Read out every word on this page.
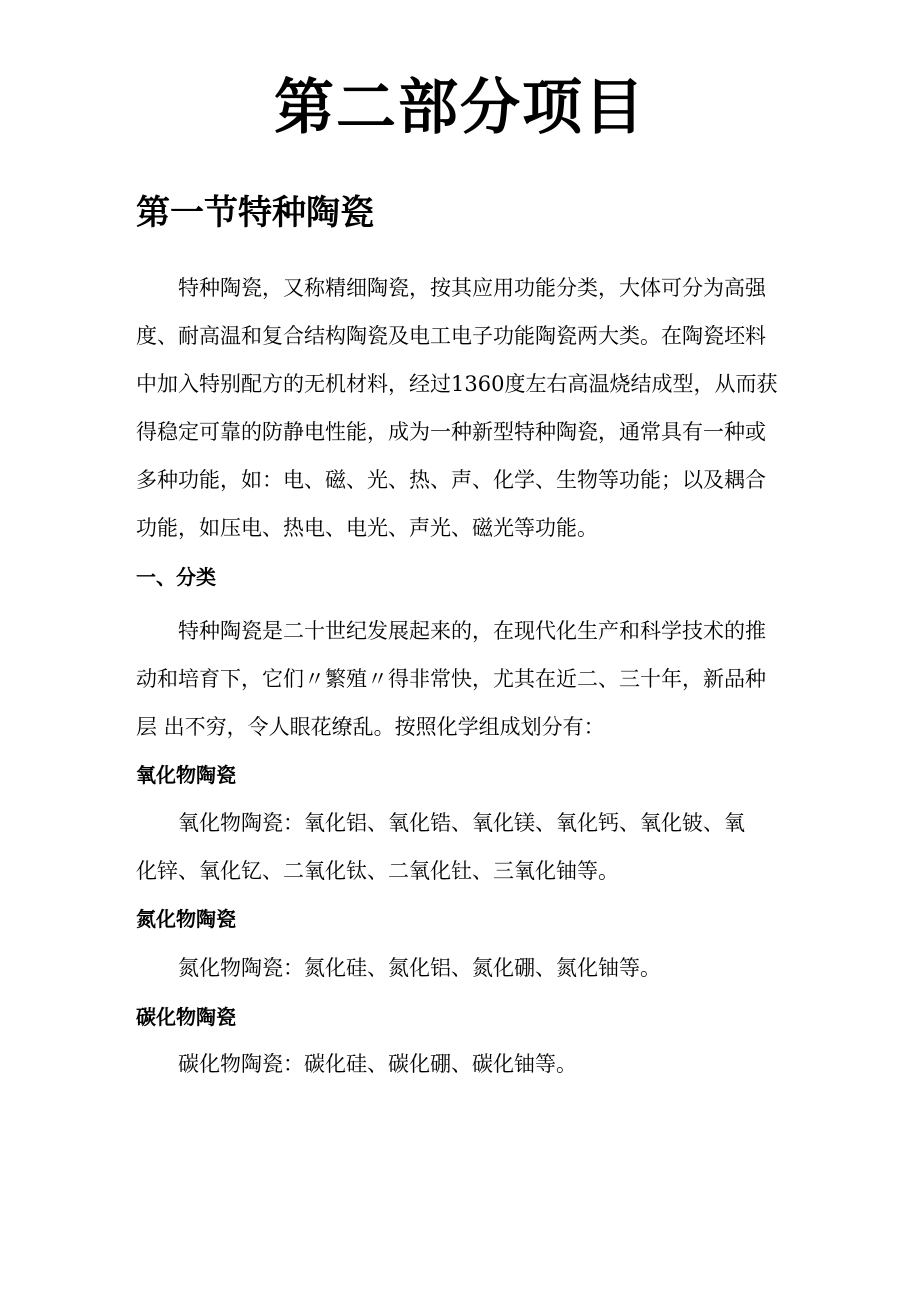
第二部分项目
第一节特种陶瓷
特种陶瓷，又称精细陶瓷，按其应用功能分类，大体可分为高强
度、耐高温和复合结构陶瓷及电工电子功能陶瓷两大类。在陶瓷坯料
中加入特别配方的无机材料，经过1360度左右高温烧结成型，从而获
得稳定可靠的防静电性能，成为一种新型特种陶瓷，通常具有一种或
多种功能，如：电、磁、光、热、声、化学、生物等功能；以及耦合
功能，如压电、热电、电光、声光、磁光等功能。
一、分类
特种陶瓷是二十世纪发展起来的，在现代化生产和科学技术的推
动和培育下，它们〃繁殖〃得非常快，尤其在近二、三十年，新品种
层 出不穷，令人眼花缭乱。按照化学组成划分有：
氧化物陶瓷
氧化物陶瓷：氧化铝、氧化锆、氧化镁、氧化钙、氧化铍、氧
化锌、氧化钇、二氧化钛、二氧化钍、三氧化铀等。
氮化物陶瓷
氮化物陶瓷：氮化硅、氮化铝、氮化硼、氮化铀等。
碳化物陶瓷
碳化物陶瓷：碳化硅、碳化硼、碳化铀等。
